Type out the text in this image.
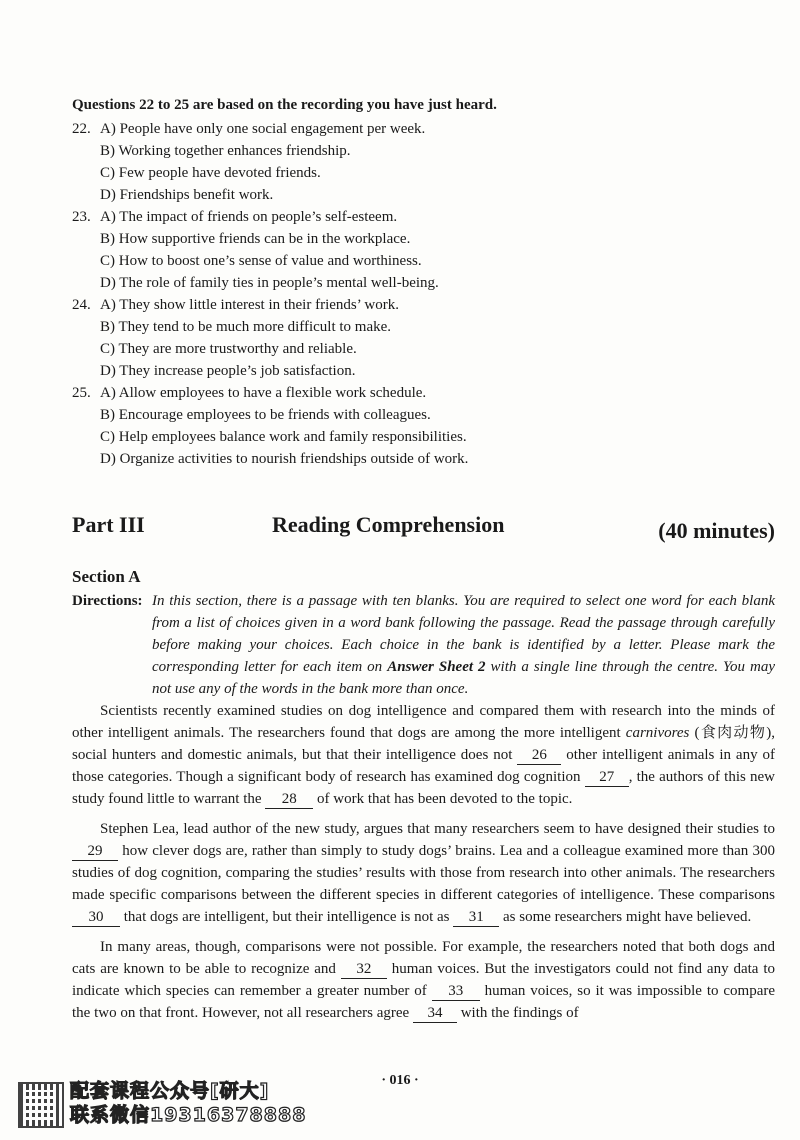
Questions 22 to 25 are based on the recording you have just heard.
22. A) People have only one social engagement per week.
B) Working together enhances friendship.
C) Few people have devoted friends.
D) Friendships benefit work.
23. A) The impact of friends on people’s self-esteem.
B) How supportive friends can be in the workplace.
C) How to boost one’s sense of value and worthiness.
D) The role of family ties in people’s mental well-being.
24. A) They show little interest in their friends’ work.
B) They tend to be much more difficult to make.
C) They are more trustworthy and reliable.
D) They increase people’s job satisfaction.
25. A) Allow employees to have a flexible work schedule.
B) Encourage employees to be friends with colleagues.
C) Help employees balance work and family responsibilities.
D) Organize activities to nourish friendships outside of work.
Part III	Reading Comprehension	(40 minutes)
Section A
Directions: In this section, there is a passage with ten blanks. You are required to select one word for each blank from a list of choices given in a word bank following the passage. Read the passage through carefully before making your choices. Each choice in the bank is identified by a letter. Please mark the corresponding letter for each item on Answer Sheet 2 with a single line through the centre. You may not use any of the words in the bank more than once.

Scientists recently examined studies on dog intelligence and compared them with research into the minds of other intelligent animals. The researchers found that dogs are among the more intelligent carnivores (食肉动物), social hunters and domestic animals, but that their intelligence does not 26 other intelligent animals in any of those categories. Though a significant body of research has examined dog cognition 27 , the authors of this new study found little to warrant the 28 of work that has been devoted to the topic.

Stephen Lea, lead author of the new study, argues that many researchers seem to have designed their studies to 29 how clever dogs are, rather than simply to study dogs’ brains. Lea and a colleague examined more than 300 studies of dog cognition, comparing the studies’ results with those from research into other animals. The researchers made specific comparisons between the different species in different categories of intelligence. These comparisons 30 that dogs are intelligent, but their intelligence is not as 31 as some researchers might have believed.

In many areas, though, comparisons were not possible. For example, the researchers noted that both dogs and cats are known to be able to recognize and 32 human voices. But the investigators could not find any data to indicate which species can remember a greater number of 33 human voices, so it was impossible to compare the two on that front. However, not all researchers agree 34 with the findings of

· 016 ·
配套课程公众号[研大]
联系微信19316378888
